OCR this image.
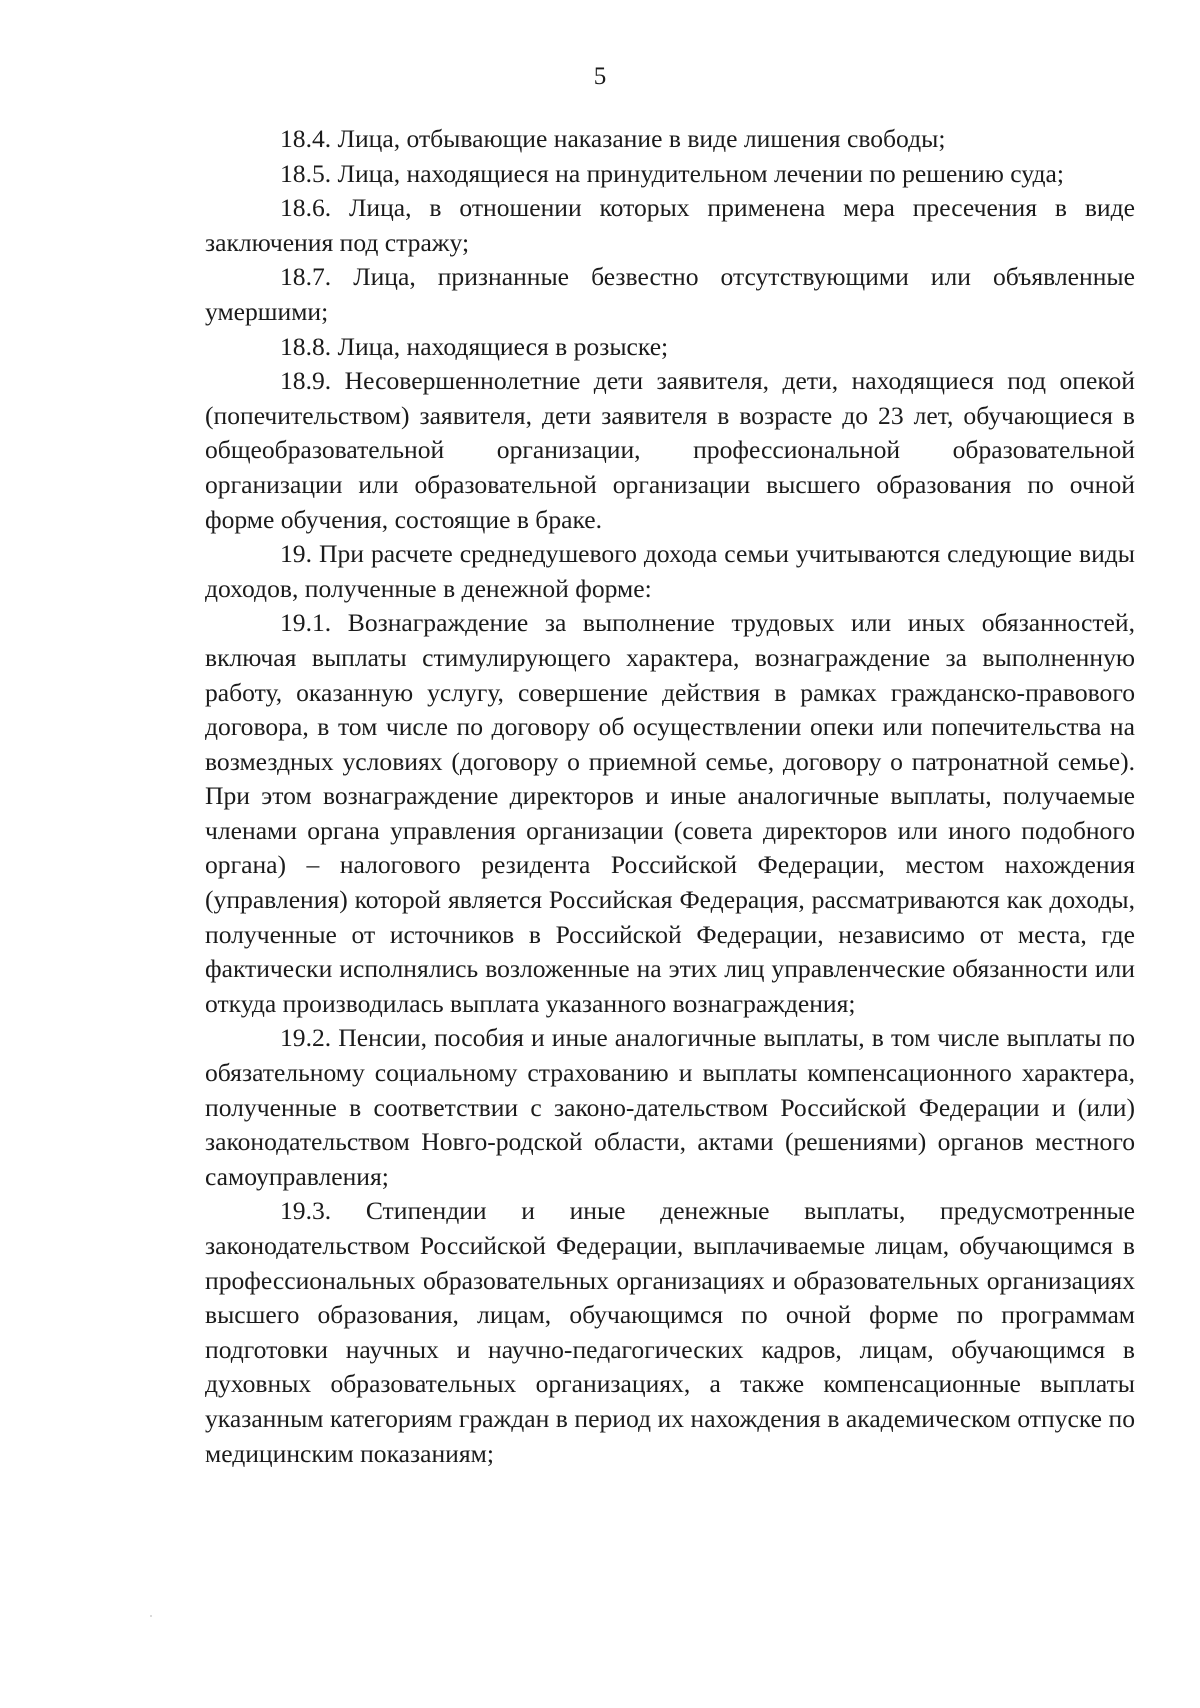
5

18.4. Лица, отбывающие наказание в виде лишения свободы;

18.5. Лица, находящиеся на принудительном лечении по решению суда;

18.6. Лица, в отношении которых применена мера пресечения в виде заключения под стражу;

18.7. Лица, признанные безвестно отсутствующими или объявленные умершими;

18.8. Лица, находящиеся в розыске;

18.9. Несовершеннолетние дети заявителя, дети, находящиеся под опекой (попечительством) заявителя, дети заявителя в возрасте до 23 лет, обучающиеся в общеобразовательной организации, профессиональной образовательной организации или образовательной организации высшего образования по очной форме обучения, состоящие в браке.

19. При расчете среднедушевого дохода семьи учитываются следующие виды доходов, полученные в денежной форме:

19.1. Вознаграждение за выполнение трудовых или иных обязанностей, включая выплаты стимулирующего характера, вознаграждение за выполненную работу, оказанную услугу, совершение действия в рамках гражданско-правового договора, в том числе по договору об осуществлении опеки или попечительства на возмездных условиях (договору о приемной семье, договору о патронатной семье). При этом вознаграждение директоров и иные аналогичные выплаты, получаемые членами органа управления организации (совета директоров или иного подобного органа) – налогового резидента Российской Федерации, местом нахождения (управления) которой является Российская Федерация, рассматриваются как доходы, полученные от источников в Российской Федерации, независимо от места, где фактически исполнялись возложенные на этих лиц управленческие обязанности или откуда производилась выплата указанного вознаграждения;

19.2. Пенсии, пособия и иные аналогичные выплаты, в том числе выплаты по обязательному социальному страхованию и выплаты компенсационного характера, полученные в соответствии с законо-дательством Российской Федерации и (или) законодательством Новго-родской области, актами (решениями) органов местного самоуправления;

19.3. Стипендии и иные денежные выплаты, предусмотренные законодательством Российской Федерации, выплачиваемые лицам, обучающимся в профессиональных образовательных организациях и образовательных организациях высшего образования, лицам, обучающимся по очной форме по программам подготовки научных и научно-педагогических кадров, лицам, обучающимся в духовных образовательных организациях, а также компенсационные выплаты указанным категориям граждан в период их нахождения в академическом отпуске по медицинским показаниям;
